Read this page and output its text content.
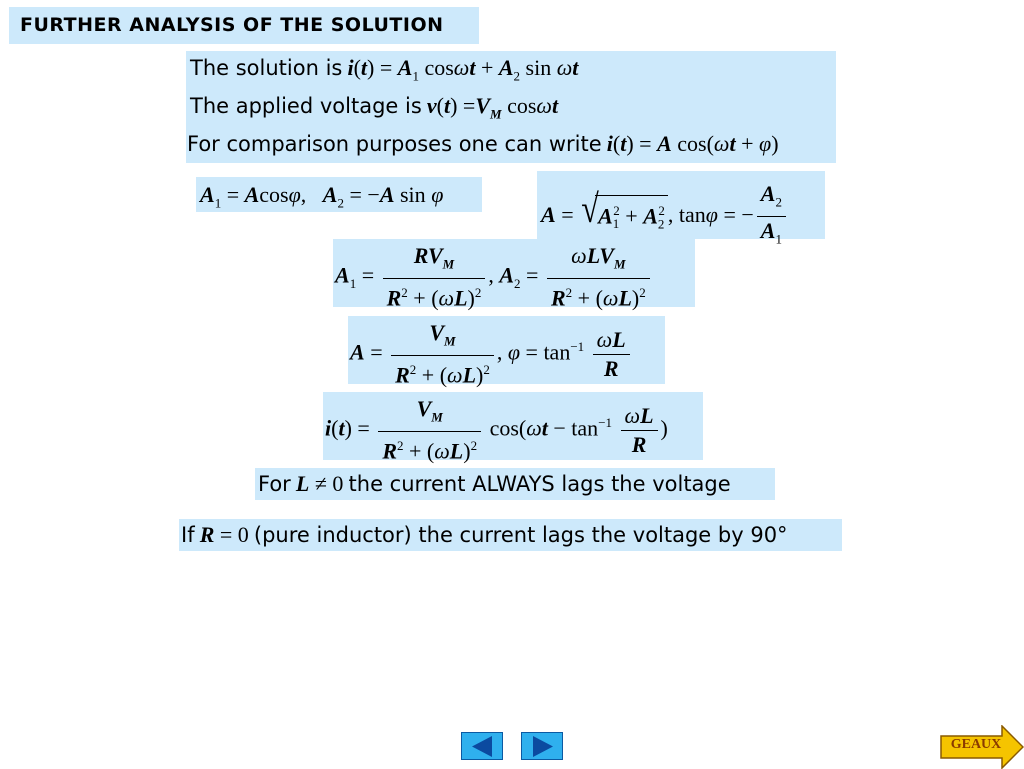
FURTHER ANALYSIS OF THE SOLUTION
The solution is $i(t) = A_1$ $\cos\omega t + A_2$ sin ωt
The applied voltage is $v(t) =V_M$ cosωt
For comparison purposes one can write i(t) = A cos(ωt + φ)
$A_1 = Acos\varphi$,   $A_2 = -A$ sin φ
A = √ $A_1^2 + A_2^2$ , tanφ = − $\frac{A_2}{A_1}$
$A_1 = \frac{RV_M}{R^2 + (\omega L)^2}$ , $A_2 = \frac{\omega LV_M}{R^2 + (\omega L)^2}$
$A = \frac{V_M}{R^2 + (\omega L)^2}$ , $\varphi = \tan^{-1} \frac{\omega L}{R}$
$i(t) = \frac{V_M}{R^2 + (\omega L)^2} \cos(\omega t - \tan^{-1} \frac{\omega L}{R}$ )
For L ≠ 0 the current ALWAYS lags the voltage
If R = 0 (pure inductor) the current lags the voltage by 90°
GEAUX
